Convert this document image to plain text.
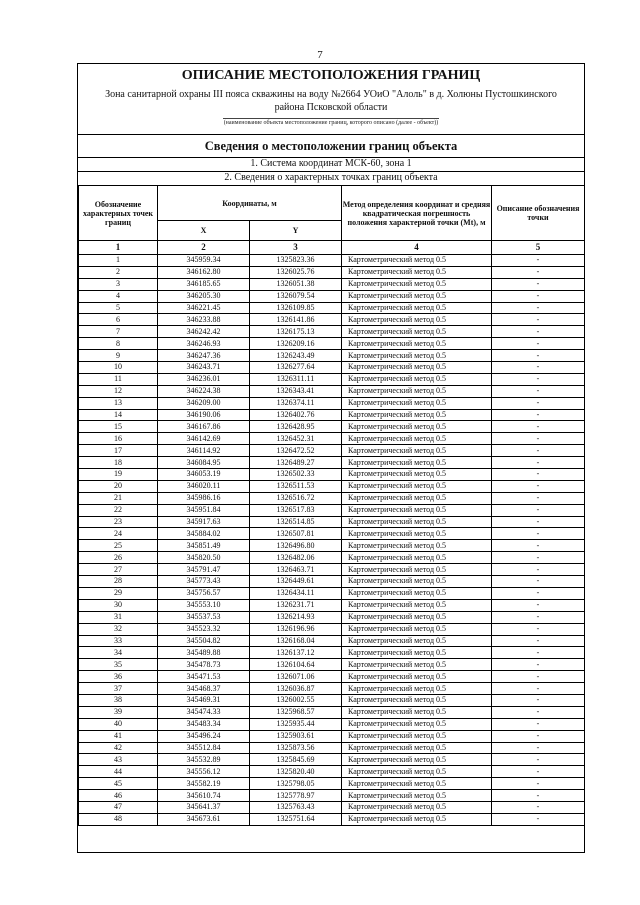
7
ОПИСАНИЕ МЕСТОПОЛОЖЕНИЯ ГРАНИЦ
Зона санитарной охраны III пояса скважины на воду №2664 УОиО "Алоль" в д. Холюны Пустошкинского района Псковской области
(наименование объекта местоположение границ, которого описано (далее - объект))
Сведения о местоположении границ объекта
1. Система координат МСК-60, зона 1
2. Сведения о характерных точках границ объекта
Обозначение характерных точек границ	Координаты, м		Метод определения координат и средняя квадратическая погрешность положения характерной точки (Mt), м	Описание обозначения точки
	X	Y		
1	2	3	4	5
1	345959.34	1325823.36	Картометрический метод 0.5	-
2	346162.80	1326025.76	Картометрический метод 0.5	-
3	346185.65	1326051.38	Картометрический метод 0.5	-
4	346205.30	1326079.54	Картометрический метод 0.5	-
5	346221.45	1326109.85	Картометрический метод 0.5	-
6	346233.88	1326141.86	Картометрический метод 0.5	-
7	346242.42	1326175.13	Картометрический метод 0.5	-
8	346246.93	1326209.16	Картометрический метод 0.5	-
9	346247.36	1326243.49	Картометрический метод 0.5	-
10	346243.71	1326277.64	Картометрический метод 0.5	-
11	346236.01	1326311.11	Картометрический метод 0.5	-
12	346224.38	1326343.41	Картометрический метод 0.5	-
13	346209.00	1326374.11	Картометрический метод 0.5	-
14	346190.06	1326402.76	Картометрический метод 0.5	-
15	346167.86	1326428.95	Картометрический метод 0.5	-
16	346142.69	1326452.31	Картометрический метод 0.5	-
17	346114.92	1326472.52	Картометрический метод 0.5	-
18	346084.95	1326489.27	Картометрический метод 0.5	-
19	346053.19	1326502.33	Картометрический метод 0.5	-
20	346020.11	1326511.53	Картометрический метод 0.5	-
21	345986.16	1326516.72	Картометрический метод 0.5	-
22	345951.84	1326517.83	Картометрический метод 0.5	-
23	345917.63	1326514.85	Картометрический метод 0.5	-
24	345884.02	1326507.81	Картометрический метод 0.5	-
25	345851.49	1326496.80	Картометрический метод 0.5	-
26	345820.50	1326482.06	Картометрический метод 0.5	-
27	345791.47	1326463.71	Картометрический метод 0.5	-
28	345773.43	1326449.61	Картометрический метод 0.5	-
29	345756.57	1326434.11	Картометрический метод 0.5	-
30	345553.10	1326231.71	Картометрический метод 0.5	-
31	345537.53	1326214.93	Картометрический метод 0.5	-
32	345523.32	1326196.96	Картометрический метод 0.5	-
33	345504.82	1326168.04	Картометрический метод 0.5	-
34	345489.88	1326137.12	Картометрический метод 0.5	-
35	345478.73	1326104.64	Картометрический метод 0.5	-
36	345471.53	1326071.06	Картометрический метод 0.5	-
37	345468.37	1326036.87	Картометрический метод 0.5	-
38	345469.31	1326002.55	Картометрический метод 0.5	-
39	345474.33	1325968.57	Картометрический метод 0.5	-
40	345483.34	1325935.44	Картометрический метод 0.5	-
41	345496.24	1325903.61	Картометрический метод 0.5	-
42	345512.84	1325873.56	Картометрический метод 0.5	-
43	345532.89	1325845.69	Картометрический метод 0.5	-
44	345556.12	1325820.40	Картометрический метод 0.5	-
45	345582.19	1325798.05	Картометрический метод 0.5	-
46	345610.74	1325778.97	Картометрический метод 0.5	-
47	345641.37	1325763.43	Картометрический метод 0.5	-
48	345673.61	1325751.64	Картометрический метод 0.5	-
